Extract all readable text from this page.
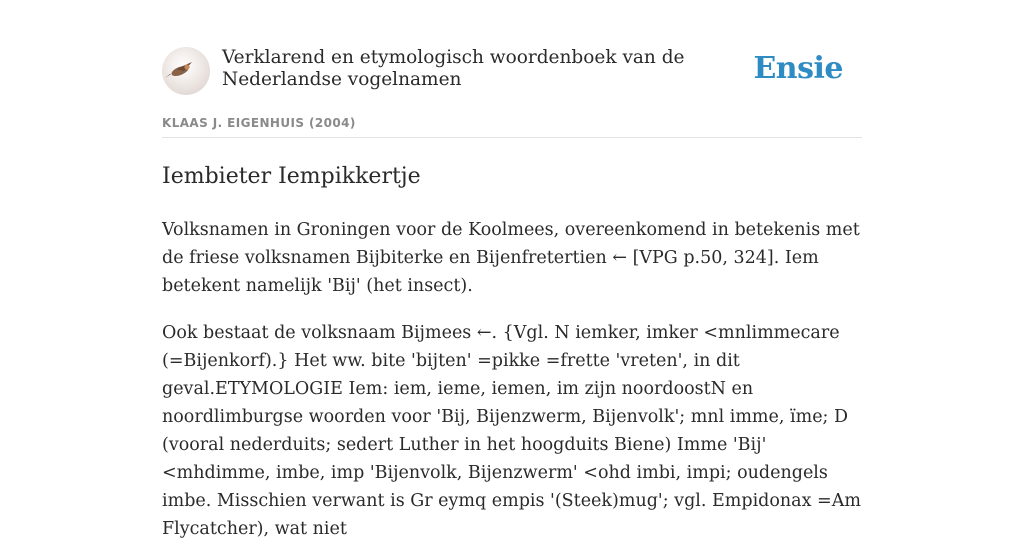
Verklarend en etymologisch woordenboek van de Nederlandse vogelnamen	Ensie
KLAAS J. EIGENHUIS (2004)
Iembieter Iempikkertje

Volksnamen in Groningen voor de Koolmees, overeenkomend in betekenis met de friese volksnamen Bijbiterke en Bijenfretertien ← [VPG p.50, 324]. Iem betekent namelijk 'Bij' (het insect).

Ook bestaat de volksnaam Bijmees ←. {Vgl. N iemker, imker <mnlimmecare (=Bijenkorf).} Het ww. bite 'bijten' =pikke =frette 'vreten', in dit geval.ETYMOLOGIE Iem: iem, ieme, iemen, im zijn noordoostN en noordlimburgse woorden voor 'Bij, Bijenzwerm, Bijenvolk'; mnl imme, ïme; D (vooral nederduits; sedert Luther in het hoogduits Biene) Imme 'Bij' <mhdimme, imbe, imp 'Bijenvolk, Bijenzwerm' <ohd imbi, impi; oudengels imbe. Misschien verwant is Gr eymq empis '(Steek)mug'; vgl. Empidonax =Am Flycatcher), wat niet
